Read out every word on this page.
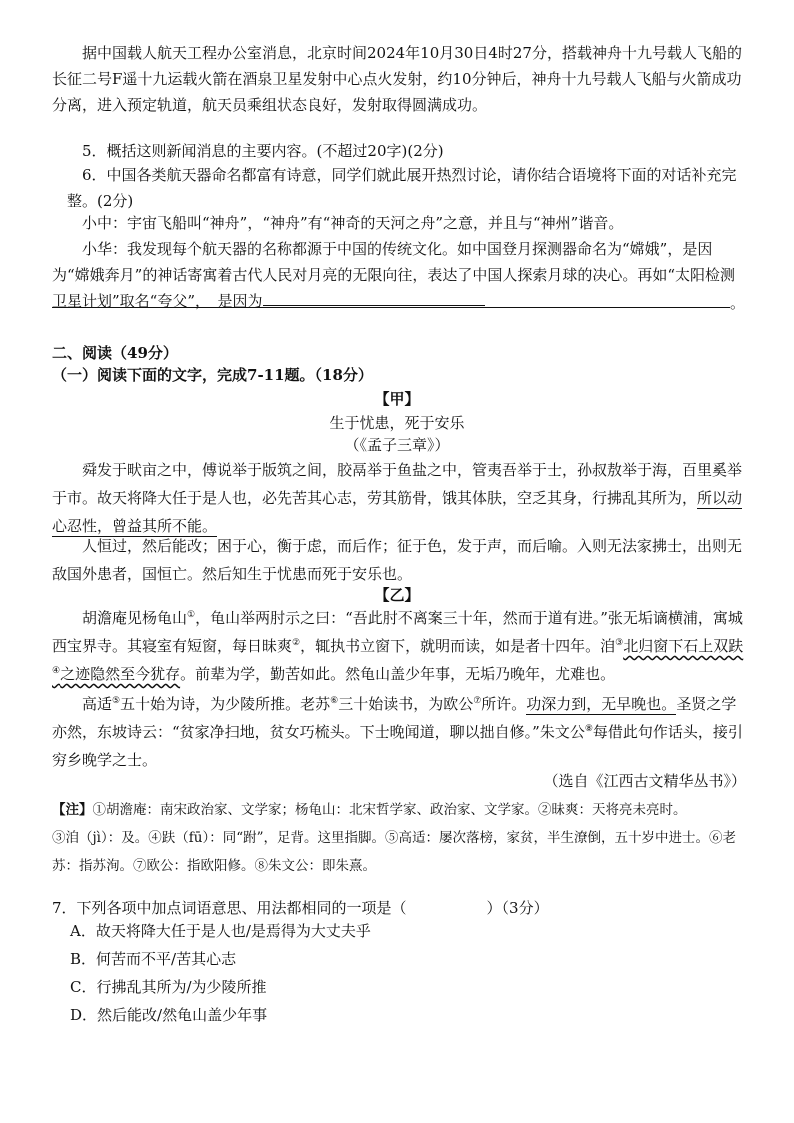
据中国载人航天工程办公室消息，北京时间2024年10月30日4时27分，搭载神舟十九号载人飞船的长征二号F遥十九运载火箭在酒泉卫星发射中心点火发射，约10分钟后，神舟十九号载人飞船与火箭成功分离，进入预定轨道，航天员乘组状态良好，发射取得圆满成功。
5．概括这则新闻消息的主要内容。(不超过20字)(2分)
6．中国各类航天器命名都富有诗意，同学们就此展开热烈讨论，请你结合语境将下面的对话补充完整。(2分)
小中：宇宙飞船叫“神舟”，“神舟”有“神奇的天河之舟”之意，并且与“神州”谐音。
小华：我发现每个航天器的名称都源于中国的传统文化。如中国登月探测器命名为“嫦娥”，是因为“嫦娥奔月”的神话寄寓着古代人民对月亮的无限向往，表达了中国人探索月球的决心。再如“太阳检测卫星计划”取名“夸父”，　是因为	。
二、阅读（49分）
（一）阅读下面的文字，完成7-11题。（18分）
【甲】
生于忧患，死于安乐
（《孟子三章》）
舜发于畎亩之中，傅说举于版筑之间，胶鬲举于鱼盐之中，管夷吾举于士，孙叔敖举于海，百里奚举于市。故天将降大任于是人也，必先苦其心志，劳其筋骨，饿其体肤，空乏其身，行拂乱其所为，所以动心忍性，曾益其所不能。
人恒过，然后能改；困于心，衡于虑，而后作；征于色，发于声，而后喻。入则无法家拂士，出则无敌国外患者，国恒亡。然后知生于忧患而死于安乐也。
【乙】
胡澹庵见杨龟山①，龟山举两肘示之曰：“吾此肘不离案三十年，然而于道有进。”张无垢谪横浦，寓城西宝界寺。其寝室有短窗，每日昧爽②，辄执书立窗下，就明而读，如是者十四年。洎③北归窗下石上双趺④之迹隐然至今犹存。前辈为学，勤苦如此。然龟山盖少年事，无垢乃晚年，尤难也。
高适⑤五十始为诗，为少陵所推。老苏⑥三十始读书，为欧公⑦所许。功深力到，无早晚也。圣贤之学亦然，东坡诗云：“贫家净扫地，贫女巧梳头。下士晚闻道，聊以拙自修。”朱文公⑧每借此句作话头，接引穷乡晚学之士。
（选自《江西古文精华丛书》）
【注】①胡澹庵：南宋政治家、文学家；杨龟山：北宋哲学家、政治家、文学家。②昧爽：天将亮未亮时。
③洎（jì）：及。④趺（fū）：同“跗”，足背。这里指脚。⑤高适：屡次落榜，家贫，半生潦倒，五十岁中进士。⑥老苏：指苏洵。⑦欧公：指欧阳修。⑧朱文公：即朱熹。
7．下列各项中加点词语意思、用法都相同的一项是（	）（3分）
A．故天将降大任于是人也/是焉得为大丈夫乎
B．何苦而不平/苦其心志
C．行拂乱其所为/为少陵所推
D．然后能改/然龟山盖少年事
